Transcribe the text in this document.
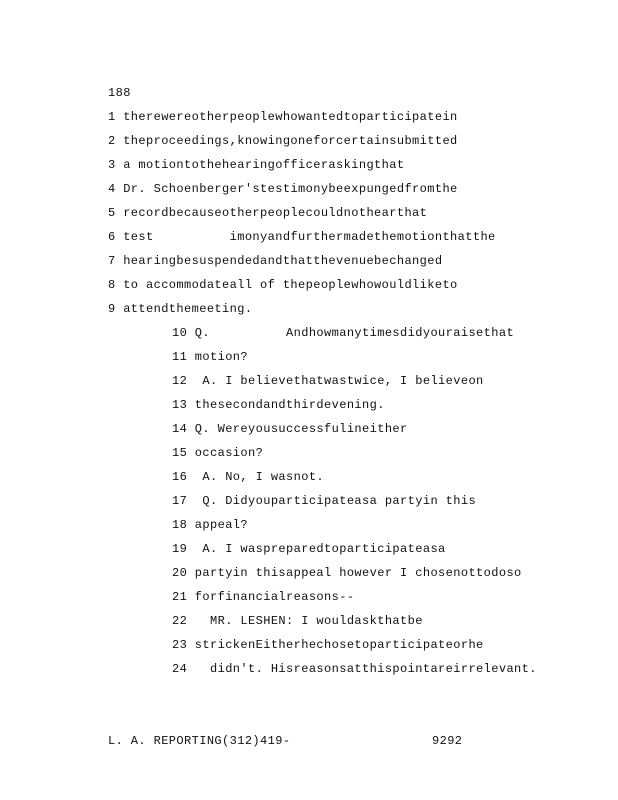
188
1 therewereotherpeoplewhowantedtoparticipatein
2 theproceedings,knowingoneforcertainsubmitted
3 a motiontothehearingofficeraskingthat
4 Dr. Schoenberger'stestimonybeexpungedfromthe
5 recordbecauseotherpeoplecouldnothearthat
6 test          imonyandfurthermadethemotionthatthe
7 hearingbesuspendedandthatthevenuebechanged
8 to accommodateall of thepeoplewhowouldliketo
9 attendthemeeting.
10 Q.          Andhowmanytimesdidyouraisethat
11 motion?
12  A. I believethatwastwice, I believeon
13 thesecondandthirdevening.
14 Q. Wereyousuccessfulineither
15 occasion?
16  A. No, I wasnot.
17  Q. Didyouparticipateasa partyin this
18 appeal?
19  A. I waspreparedtoparticipateasa
20 partyin thisappeal however I chosenottodoso
21 forfinancialreasons--
22   MR. LESHEN: I wouldaskthatbe
23 strickenEitherhechosetoparticipateorhe
24   didn't. Hisreasonsatthispointareirrelevant.
L. A. REPORTING(312)419-	9292
